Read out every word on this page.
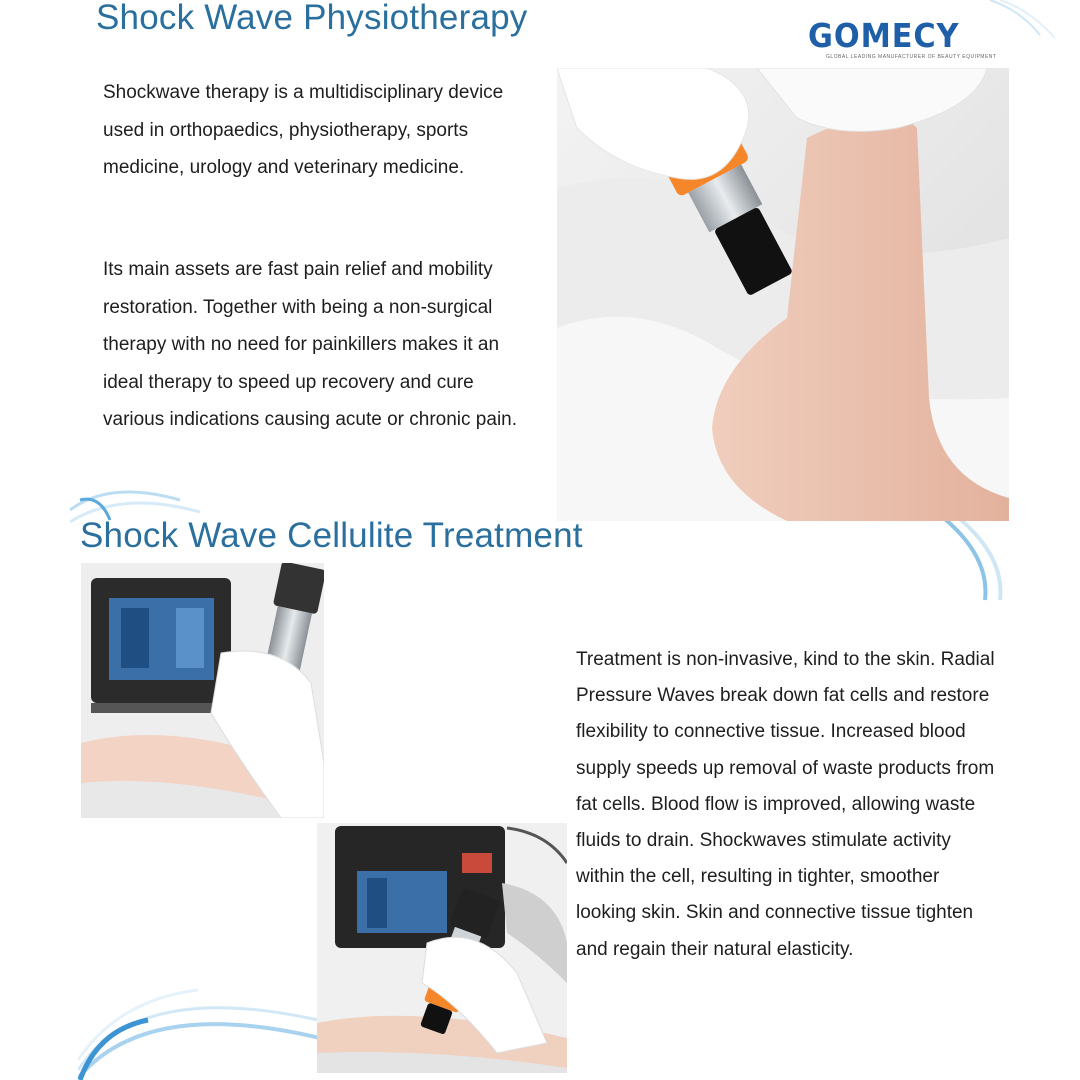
Shock Wave Physiotherapy	GOMECY
GLOBAL LEADING MANUFACTURER OF BEAUTY EQUIPMENT

Shockwave therapy is a multidisciplinary device used in orthopaedics, physiotherapy, sports medicine, urology and veterinary medicine.

Its main assets are fast pain relief and mobility restoration. Together with being a non-surgical therapy with no need for painkillers makes it an ideal therapy to speed up recovery and cure various indications causing acute or chronic pain.

Shock Wave Cellulite Treatment

Treatment is non-invasive, kind to the skin. Radial Pressure Waves break down fat cells and restore flexibility to connective tissue. Increased blood supply speeds up removal of waste products from fat cells. Blood flow is improved, allowing waste fluids to drain. Shockwaves stimulate activity within the cell, resulting in tighter, smoother looking skin. Skin and connective tissue tighten and regain their natural elasticity.
